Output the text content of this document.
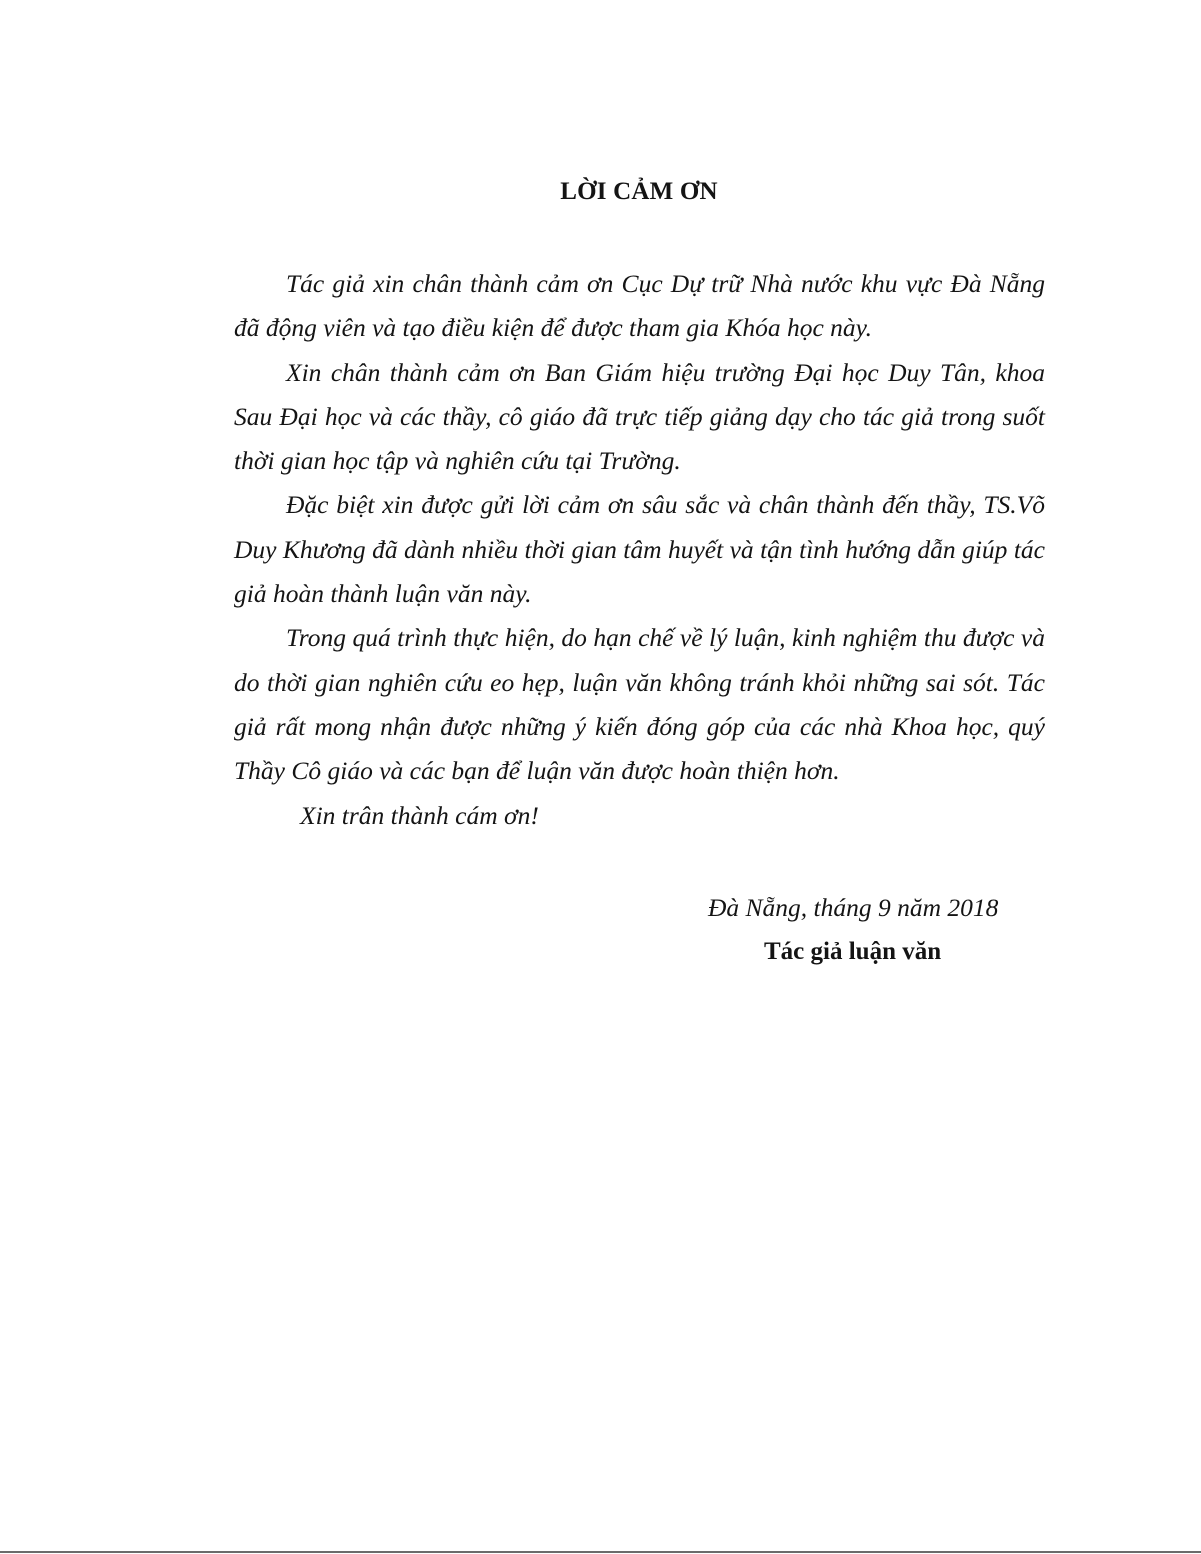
LỜI CẢM ƠN

Tác giả xin chân thành cảm ơn Cục Dự trữ Nhà nước khu vực Đà Nẵng đã động viên và tạo điều kiện để được tham gia Khóa học này.

Xin chân thành cảm ơn Ban Giám hiệu trường Đại học Duy Tân, khoa Sau Đại học và các thầy, cô giáo đã trực tiếp giảng dạy cho tác giả trong suốt thời gian học tập và nghiên cứu tại Trường.

Đặc biệt xin được gửi lời cảm ơn sâu sắc và chân thành đến thầy, TS.Võ Duy Khương đã dành nhiều thời gian tâm huyết và tận tình hướng dẫn giúp tác giả hoàn thành luận văn này.

Trong quá trình thực hiện, do hạn chế về lý luận, kinh nghiệm thu được và do thời gian nghiên cứu eo hẹp, luận văn không tránh khỏi những sai sót. Tác giả rất mong nhận được những ý kiến đóng góp của các nhà Khoa học, quý Thầy Cô giáo và các bạn để luận văn được hoàn thiện hơn.

Xin trân thành cám ơn!

Đà Nẵng, tháng 9 năm 2018
Tác giả luận văn
